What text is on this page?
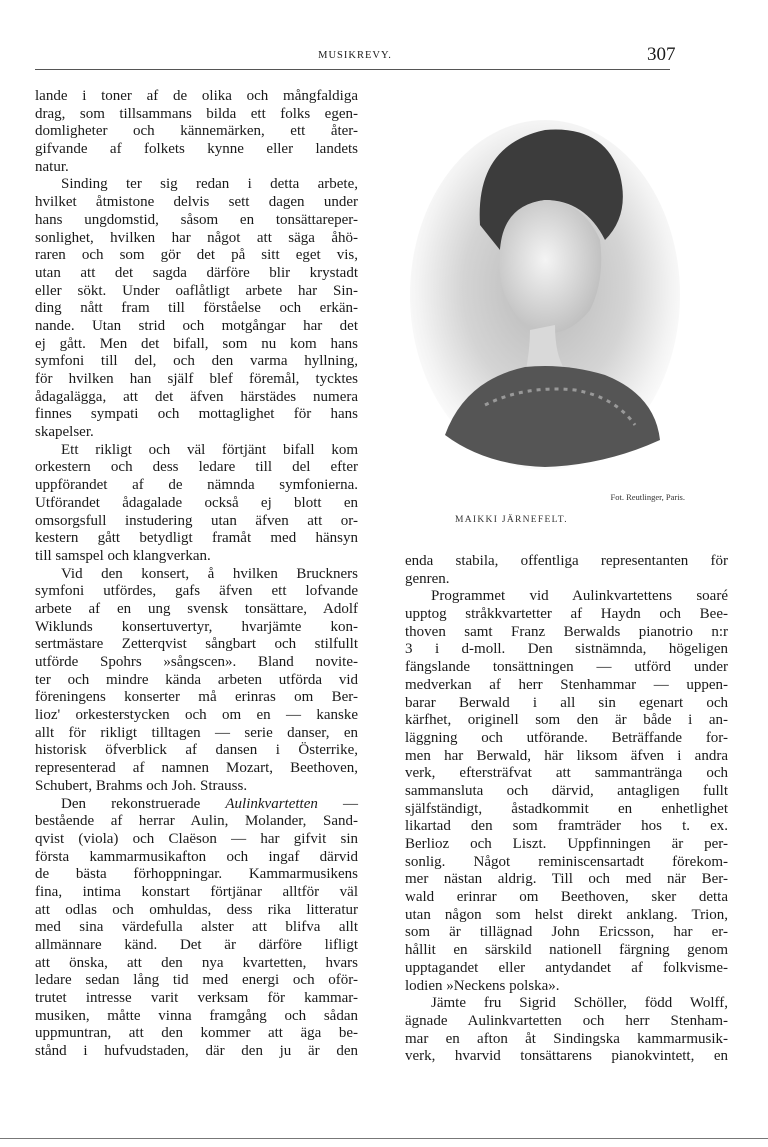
MUSIKREVY.	307
lande i toner af de olika och mångfaldiga
drag, som tillsammans bilda ett folks egen-
domligheter och kännemärken, ett åter-
gifvande af folkets kynne eller landets
natur.
Sinding ter sig redan i detta arbete,
hvilket åtmistone delvis sett dagen under
hans ungdomstid, såsom en tonsättareper-
sonlighet, hvilken har något att säga åhö-
raren och som gör det på sitt eget vis,
utan att det sagda därföre blir krystadt
eller sökt. Under oaflåtligt arbete har Sin-
ding nått fram till förståelse och erkän-
nande. Utan strid och motgångar har det
ej gått. Men det bifall, som nu kom hans
symfoni till del, och den varma hyllning,
för hvilken han själf blef föremål, tycktes
ådagalägga, att det äfven härstädes numera
finnes sympati och mottaglighet för hans
skapelser.
Ett rikligt och väl förtjänt bifall kom
orkestern och dess ledare till del efter
uppförandet af de nämnda symfonierna.
Utförandet ådagalade också ej blott en
omsorgsfull instudering utan äfven att or-
kestern gått betydligt framåt med hänsyn
till samspel och klangverkan.
Vid den konsert, å hvilken Bruckners
symfoni utfördes, gafs äfven ett lofvande
arbete af en ung svensk tonsättare, Adolf
Wiklunds konsertuvertyr, hvarjämte kon-
sertmästare Zetterqvist sångbart och stilfullt
utförde Spohrs »sångscen». Bland novite-
ter och mindre kända arbeten utförda vid
föreningens konserter må erinras om Ber-
lioz' orkesterstycken och om en — kanske
allt för rikligt tilltagen — serie danser, en
historisk öfverblick af dansen i Österrike,
representerad af namnen Mozart, Beethoven,
Schubert, Brahms och Joh. Strauss.
Den rekonstruerade Aulinkvartetten —
bestående af herrar Aulin, Molander, Sand-
qvist (viola) och Claëson — har gifvit sin
första kammarmusikafton och ingaf därvid
de bästa förhoppningar. Kammarmusikens
fina, intima konstart förtjänar alltför väl
att odlas och omhuldas, dess rika litteratur
med sina värdefulla alster att blifva allt
allmännare känd. Det är därföre lifligt
att önska, att den nya kvartetten, hvars
ledare sedan lång tid med energi och oför-
trutet intresse varit verksam för kammar-
musiken, måtte vinna framgång och sådan
uppmuntran, att den kommer att äga be-
stånd i hufvudstaden, där den ju är den
Fot. Reutlinger, Paris.
MAIKKI JÄRNEFELT.
enda stabila, offentliga representanten för
genren.
Programmet vid Aulinkvartettens soaré
upptog stråkkvartetter af Haydn och Bee-
thoven samt Franz Berwalds pianotrio n:r
3 i d-moll. Den sistnämnda, högeligen
fängslande tonsättningen — utförd under
medverkan af herr Stenhammar — uppen-
barar Berwald i all sin egenart och
kärfhet, originell som den är både i an-
läggning och utförande. Beträffande for-
men har Berwald, här liksom äfven i andra
verk, eftersträfvat att sammantränga och
sammansluta och därvid, antagligen fullt
själfständigt, åstadkommit en enhetlighet
likartad den som framträder hos t. ex.
Berlioz och Liszt. Uppfinningen är per-
sonlig. Något reminiscensartadt förekom-
mer nästan aldrig. Till och med när Ber-
wald erinrar om Beethoven, sker detta
utan någon som helst direkt anklang. Trion,
som är tillägnad John Ericsson, har er-
hållit en särskild nationell färgning genom
upptagandet eller antydandet af folkvisme-
lodien »Neckens polska».
Jämte fru Sigrid Schöller, född Wolff,
ägnade Aulinkvartetten och herr Stenham-
mar en afton åt Sindingska kammarmusik-
verk, hvarvid tonsättarens pianokvintett, en
